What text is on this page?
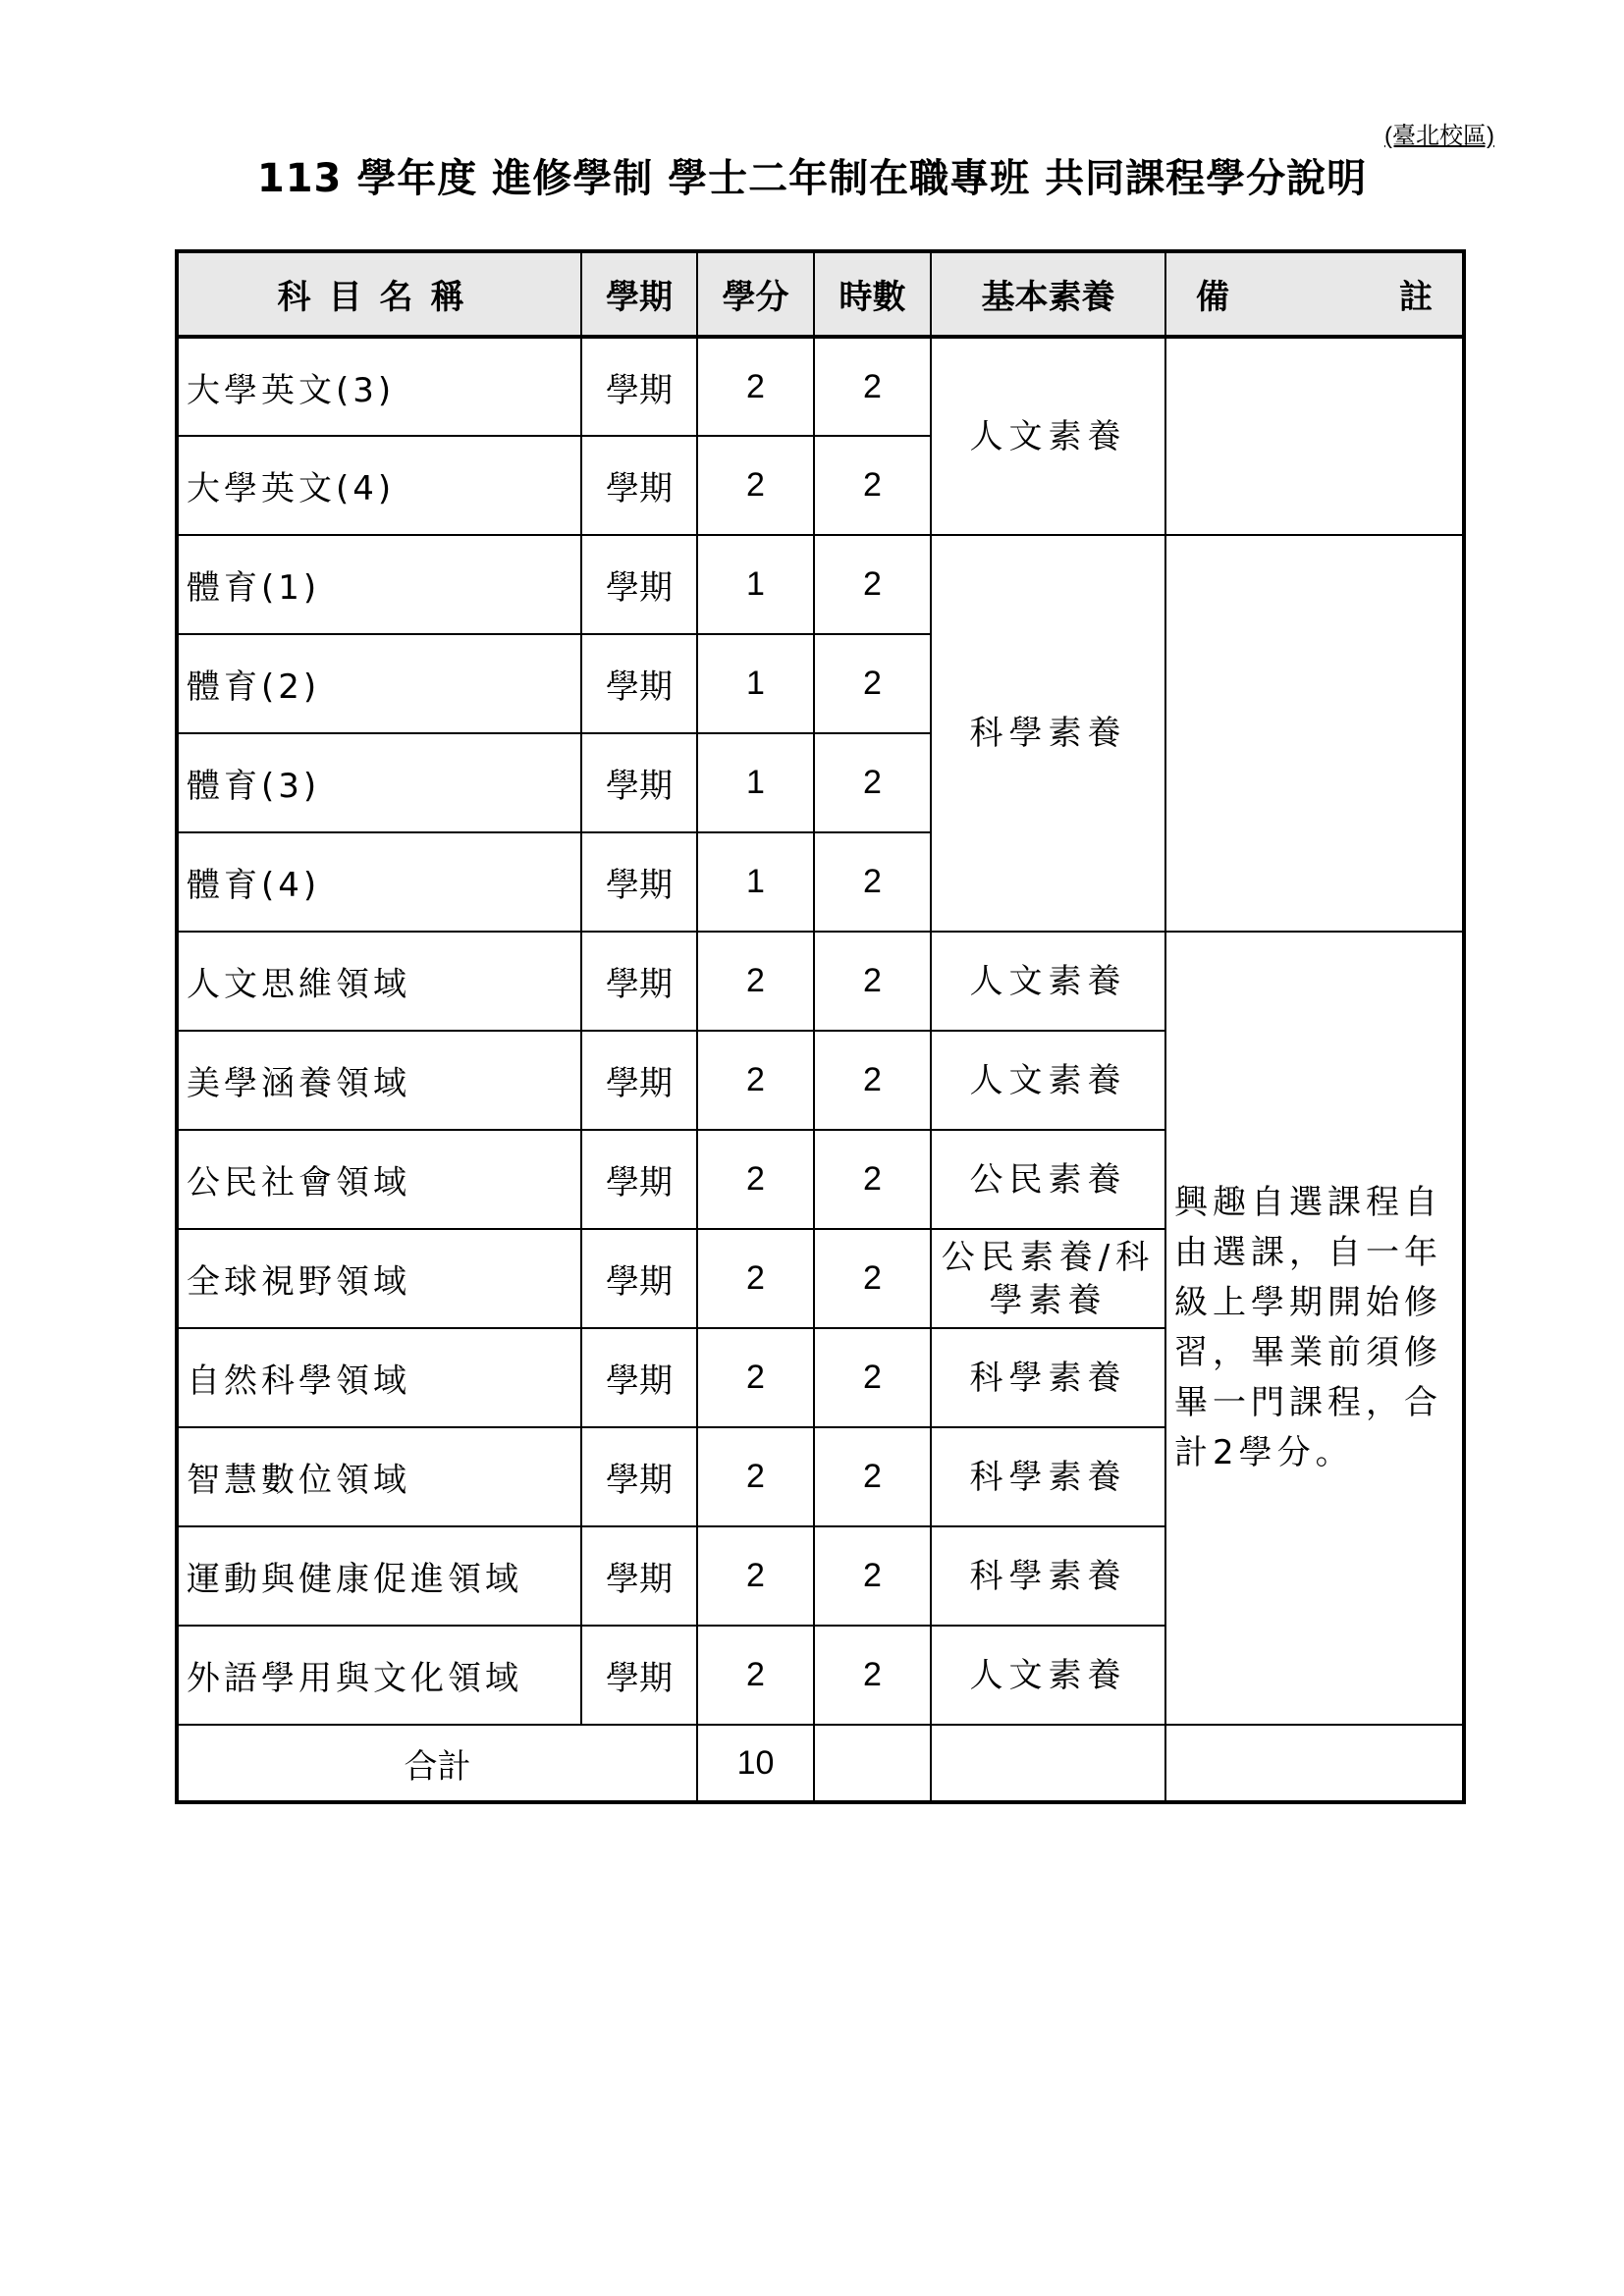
(臺北校區)
113 學年度 進修學制 學士二年制在職專班 共同課程學分說明
科目名稱	學期	學分	時數	基本素養	備 註

大學英文(3)	學期	2	2	人文素養	
大學英文(4)	學期	2	2		
體育(1)	學期	1	2	科學素養	
體育(2)	學期	1	2		
體育(3)	學期	1	2		
體育(4)	學期	1	2		
人文思維領域	學期	2	2	人文素養	興趣自選課程自由選課，自一年級上學期開始修習，畢業前須修畢一門課程，合計2學分。
美學涵養領域	學期	2	2	人文素養	
公民社會領域	學期	2	2	公民素養	
全球視野領域	學期	2	2	公民素養/科學素養	
自然科學領域	學期	2	2	科學素養	
智慧數位領域	學期	2	2	科學素養	
運動與健康促進領域	學期	2	2	科學素養	
外語學用與文化領域	學期	2	2	人文素養	
合計		10			
